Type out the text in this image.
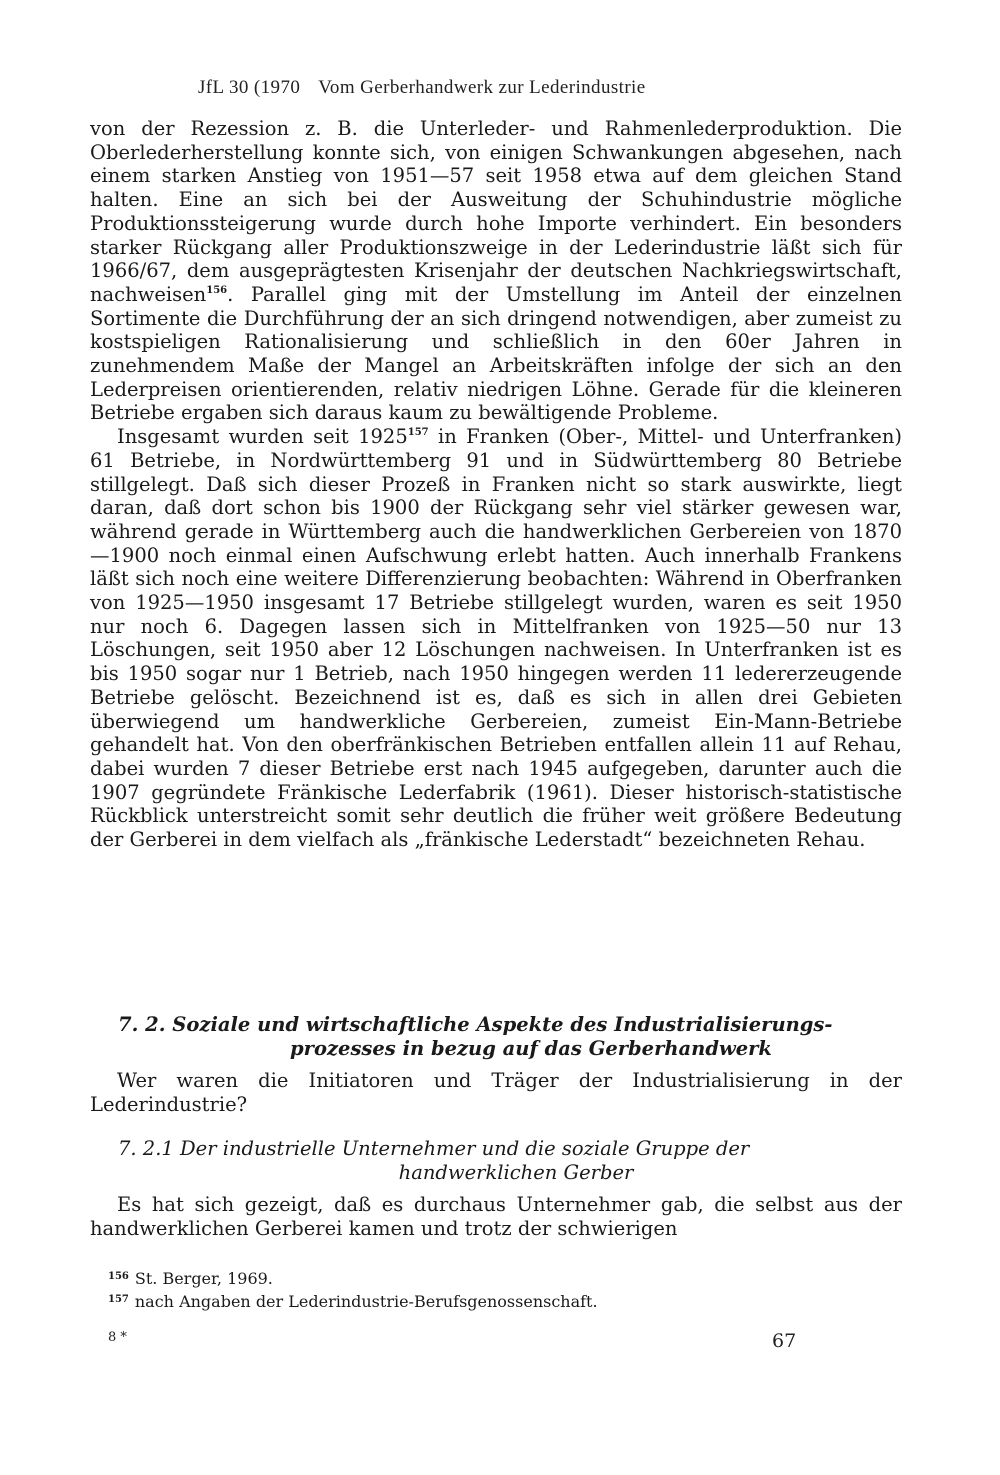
JfL 30 (1970 Vom Gerberhandwerk zur Lederindustrie

von der Rezession z. B. die Unterleder- und Rahmenlederproduktion. Die Oberlederherstellung konnte sich, von einigen Schwankungen abgesehen, nach einem starken Anstieg von 1951—57 seit 1958 etwa auf dem gleichen Stand halten. Eine an sich bei der Ausweitung der Schuhindustrie mögliche Produktionssteigerung wurde durch hohe Importe verhindert. Ein besonders starker Rückgang aller Produktionszweige in der Lederindustrie läßt sich für 1966/67, dem ausgeprägtesten Krisenjahr der deutschen Nachkriegswirtschaft, nachweisen$^{156}$. Parallel ging mit der Umstellung im Anteil der einzelnen Sortimente die Durchführung der an sich dringend notwendigen, aber zumeist zu kostspieligen Rationalisierung und schließlich in den 60er Jahren in zunehmendem Maße der Mangel an Arbeitskräften infolge der sich an den Lederpreisen orientierenden, relativ niedrigen Löhne. Gerade für die kleineren Betriebe ergaben sich daraus kaum zu bewältigende Probleme.

Insgesamt wurden seit 1925$^{157}$ in Franken (Ober-, Mittel- und Unterfranken) 61 Betriebe, in Nordwürttemberg 91 und in Südwürttemberg 80 Betriebe stillgelegt. Daß sich dieser Prozeß in Franken nicht so stark auswirkte, liegt daran, daß dort schon bis 1900 der Rückgang sehr viel stärker gewesen war, während gerade in Württemberg auch die handwerklichen Gerbereien von 1870—1900 noch einmal einen Aufschwung erlebt hatten. Auch innerhalb Frankens läßt sich noch eine weitere Differenzierung beobachten: Während in Oberfranken von 1925—1950 insgesamt 17 Betriebe stillgelegt wurden, waren es seit 1950 nur noch 6. Dagegen lassen sich in Mittelfranken von 1925—50 nur 13 Löschungen, seit 1950 aber 12 Löschungen nachweisen. In Unterfranken ist es bis 1950 sogar nur 1 Betrieb, nach 1950 hingegen werden 11 ledererzeugende Betriebe gelöscht. Bezeichnend ist es, daß es sich in allen drei Gebieten überwiegend um handwerkliche Gerbereien, zumeist Ein-Mann-Betriebe gehandelt hat. Von den oberfränkischen Betrieben entfallen allein 11 auf Rehau, dabei wurden 7 dieser Betriebe erst nach 1945 aufgegeben, darunter auch die 1907 gegründete Fränkische Lederfabrik (1961). Dieser historisch-statistische Rückblick unterstreicht somit sehr deutlich die früher weit größere Bedeutung der Gerberei in dem vielfach als „fränkische Lederstadt“ bezeichneten Rehau.

7. 2. Soziale und wirtschaftliche Aspekte des Industrialisierungs-
prozesses in bezug auf das Gerberhandwerk

Wer waren die Initiatoren und Träger der Industrialisierung in der Lederindustrie?

7. 2.1 Der industrielle Unternehmer und die soziale Gruppe der
handwerklichen Gerber

Es hat sich gezeigt, daß es durchaus Unternehmer gab, die selbst aus der handwerklichen Gerberei kamen und trotz der schwierigen

$^{156}$ St. Berger, 1969.
$^{157}$ nach Angaben der Lederindustrie-Berufsgenossenschaft.
8 *	67
